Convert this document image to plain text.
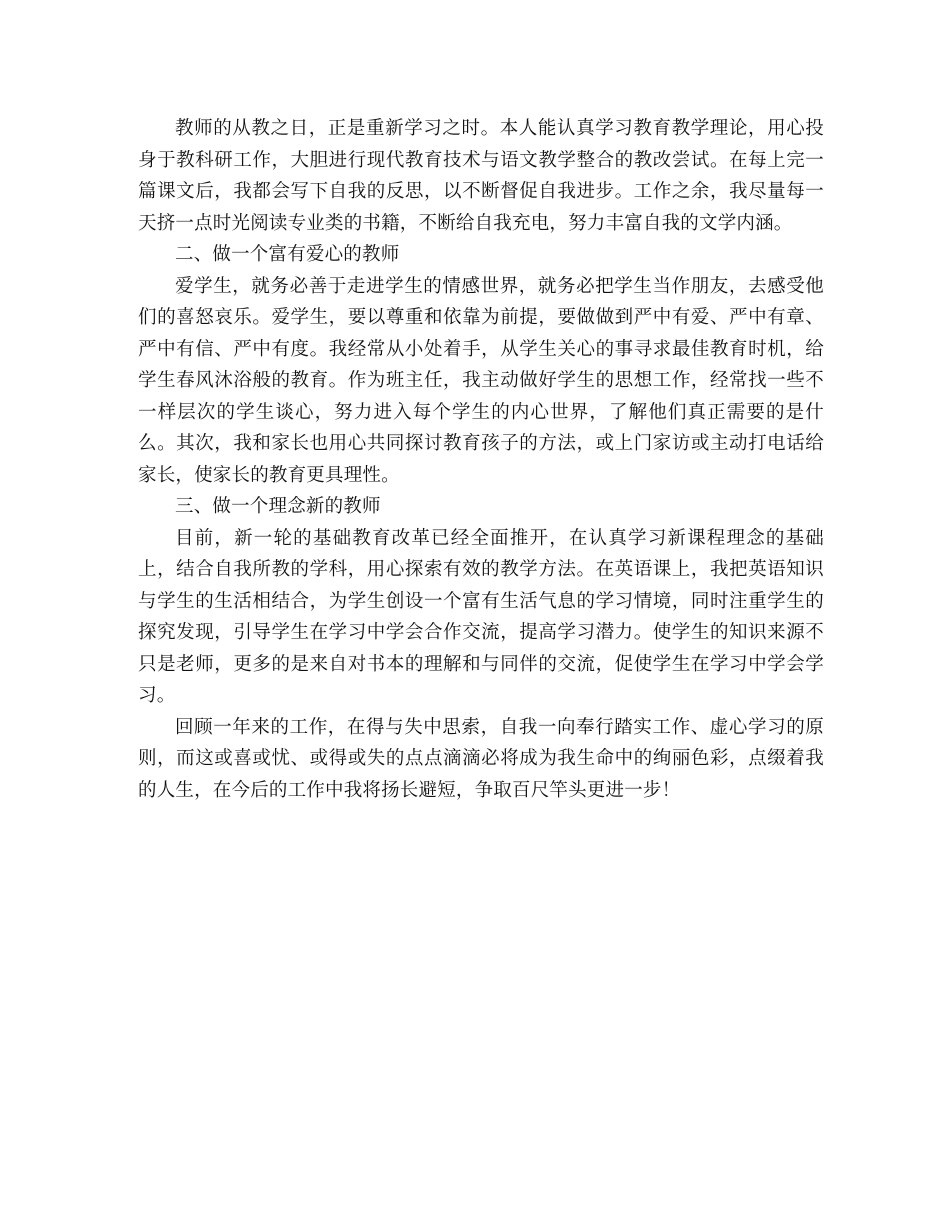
教师的从教之日，正是重新学习之时。本人能认真学习教育教学理论，用心投身于教科研工作，大胆进行现代教育技术与语文教学整合的教改尝试。在每上完一篇课文后，我都会写下自我的反思，以不断督促自我进步。工作之余，我尽量每一天挤一点时光阅读专业类的书籍，不断给自我充电，努力丰富自我的文学内涵。

二、做一个富有爱心的教师

爱学生，就务必善于走进学生的情感世界，就务必把学生当作朋友，去感受他们的喜怒哀乐。爱学生，要以尊重和依靠为前提，要做做到严中有爱、严中有章、严中有信、严中有度。我经常从小处着手，从学生关心的事寻求最佳教育时机，给学生春风沐浴般的教育。作为班主任，我主动做好学生的思想工作，经常找一些不一样层次的学生谈心，努力进入每个学生的内心世界，了解他们真正需要的是什么。其次，我和家长也用心共同探讨教育孩子的方法，或上门家访或主动打电话给家长，使家长的教育更具理性。

三、做一个理念新的教师

目前，新一轮的基础教育改革已经全面推开，在认真学习新课程理念的基础上，结合自我所教的学科，用心探索有效的教学方法。在英语课上，我把英语知识与学生的生活相结合，为学生创设一个富有生活气息的学习情境，同时注重学生的探究发现，引导学生在学习中学会合作交流，提高学习潜力。使学生的知识来源不只是老师，更多的是来自对书本的理解和与同伴的交流，促使学生在学习中学会学习。

回顾一年来的工作，在得与失中思索，自我一向奉行踏实工作、虚心学习的原则，而这或喜或忧、或得或失的点点滴滴必将成为我生命中的绚丽色彩，点缀着我的人生，在今后的工作中我将扬长避短，争取百尺竿头更进一步！
